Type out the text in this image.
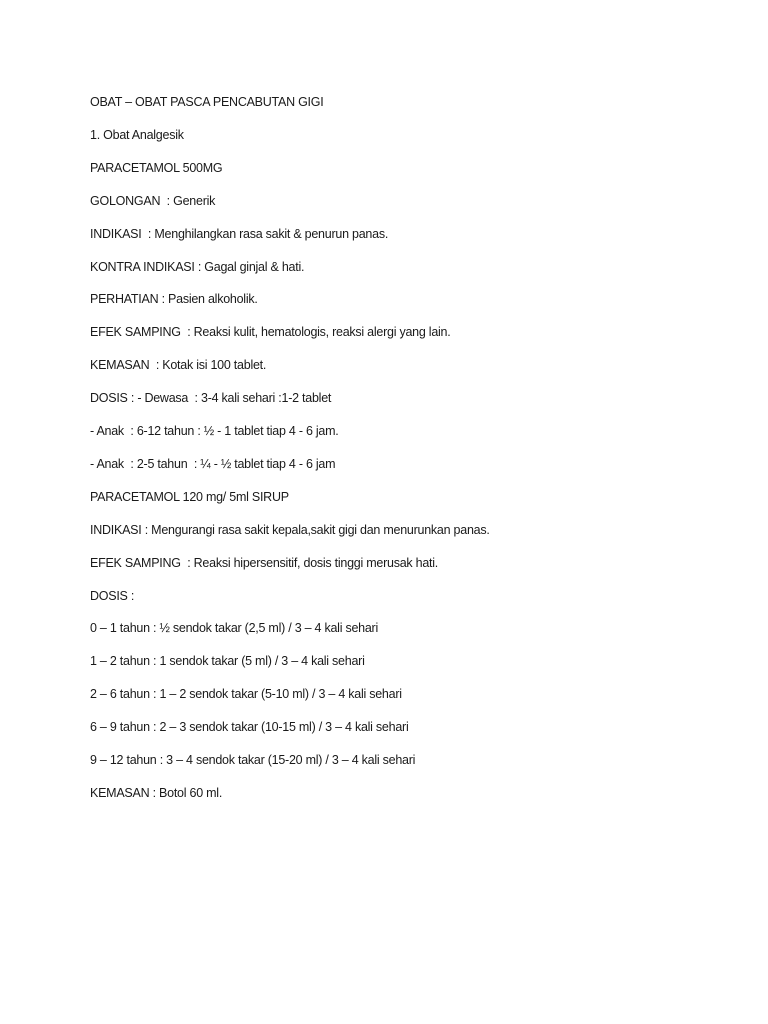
OBAT – OBAT PASCA PENCABUTAN GIGI

1. Obat Analgesik

PARACETAMOL 500MG

GOLONGAN  : Generik

INDIKASI  : Menghilangkan rasa sakit & penurun panas.

KONTRA INDIKASI : Gagal ginjal & hati.

PERHATIAN : Pasien alkoholik.

EFEK SAMPING  : Reaksi kulit, hematologis, reaksi alergi yang lain.

KEMASAN  : Kotak isi 100 tablet.

DOSIS : - Dewasa  : 3-4 kali sehari :1-2 tablet

- Anak  : 6-12 tahun : ½ - 1 tablet tiap 4 - 6 jam.

- Anak  : 2-5 tahun  : ¼ - ½ tablet tiap 4 - 6 jam

PARACETAMOL 120 mg/ 5ml SIRUP

INDIKASI : Mengurangi rasa sakit kepala,sakit gigi dan menurunkan panas.

EFEK SAMPING  : Reaksi hipersensitif, dosis tinggi merusak hati.

DOSIS :

0 – 1 tahun : ½ sendok takar (2,5 ml) / 3 – 4 kali sehari

1 – 2 tahun : 1 sendok takar (5 ml) / 3 – 4 kali sehari

2 – 6 tahun : 1 – 2 sendok takar (5-10 ml) / 3 – 4 kali sehari

6 – 9 tahun : 2 – 3 sendok takar (10-15 ml) / 3 – 4 kali sehari

9 – 12 tahun : 3 – 4 sendok takar (15-20 ml) / 3 – 4 kali sehari

KEMASAN : Botol 60 ml.
